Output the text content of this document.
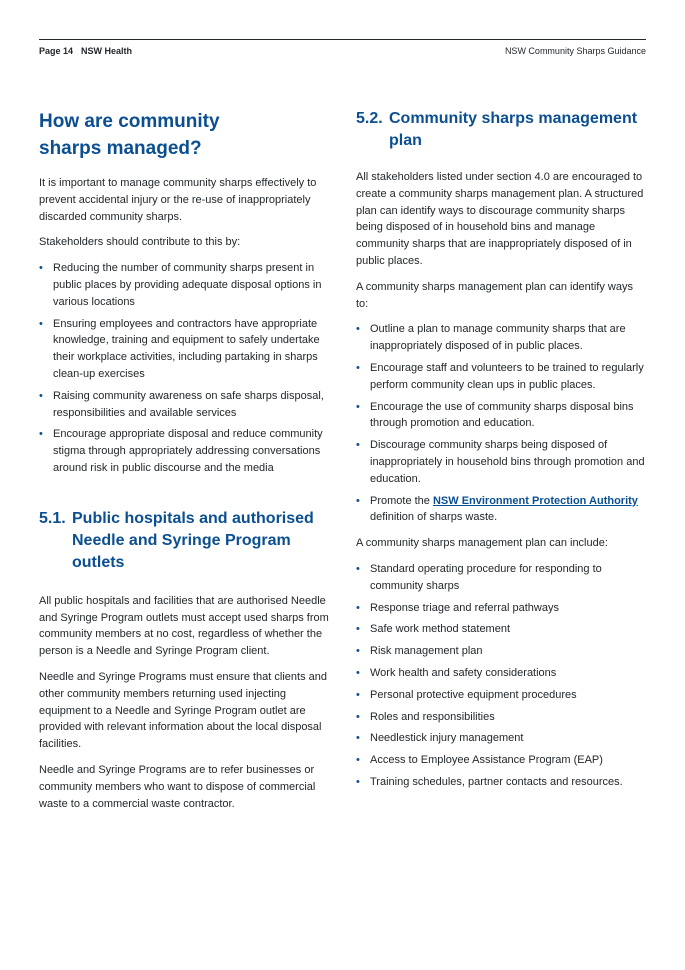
Page 14 NSW Health	NSW Community Sharps Guidance
How are community sharps managed?

It is important to manage community sharps effectively to prevent accidental injury or the re-use of inappropriately discarded community sharps.

Stakeholders should contribute to this by:

• Reducing the number of community sharps present in public places by providing adequate disposal options in various locations
• Ensuring employees and contractors have appropriate knowledge, training and equipment to safely undertake their workplace activities, including partaking in sharps clean-up exercises
• Raising community awareness on safe sharps disposal, responsibilities and available services
• Encourage appropriate disposal and reduce community stigma through appropriately addressing conversations around risk in public discourse and the media
5.1. Public hospitals and authorised Needle and Syringe Program outlets

All public hospitals and facilities that are authorised Needle and Syringe Program outlets must accept used sharps from community members at no cost, regardless of whether the person is a Needle and Syringe Program client.

Needle and Syringe Programs must ensure that clients and other community members returning used injecting equipment to a Needle and Syringe Program outlet are provided with relevant information about the local disposal facilities.

Needle and Syringe Programs are to refer businesses or community members who want to dispose of commercial waste to a commercial waste contractor.

5.2. Community sharps management plan

All stakeholders listed under section 4.0 are encouraged to create a community sharps management plan. A structured plan can identify ways to discourage community sharps being disposed of in household bins and manage community sharps that are inappropriately disposed of in public places.

A community sharps management plan can identify ways to:

• Outline a plan to manage community sharps that are inappropriately disposed of in public places.
• Encourage staff and volunteers to be trained to regularly perform community clean ups in public places.
• Encourage the use of community sharps disposal bins through promotion and education.
• Discourage community sharps being disposed of inappropriately in household bins through promotion and education.
• Promote the NSW Environment Protection Authority definition of sharps waste.

A community sharps management plan can include:

• Standard operating procedure for responding to community sharps
• Response triage and referral pathways
• Safe work method statement
• Risk management plan
• Work health and safety considerations
• Personal protective equipment procedures
• Roles and responsibilities
• Needlestick injury management
• Access to Employee Assistance Program (EAP)
• Training schedules, partner contacts and resources.
